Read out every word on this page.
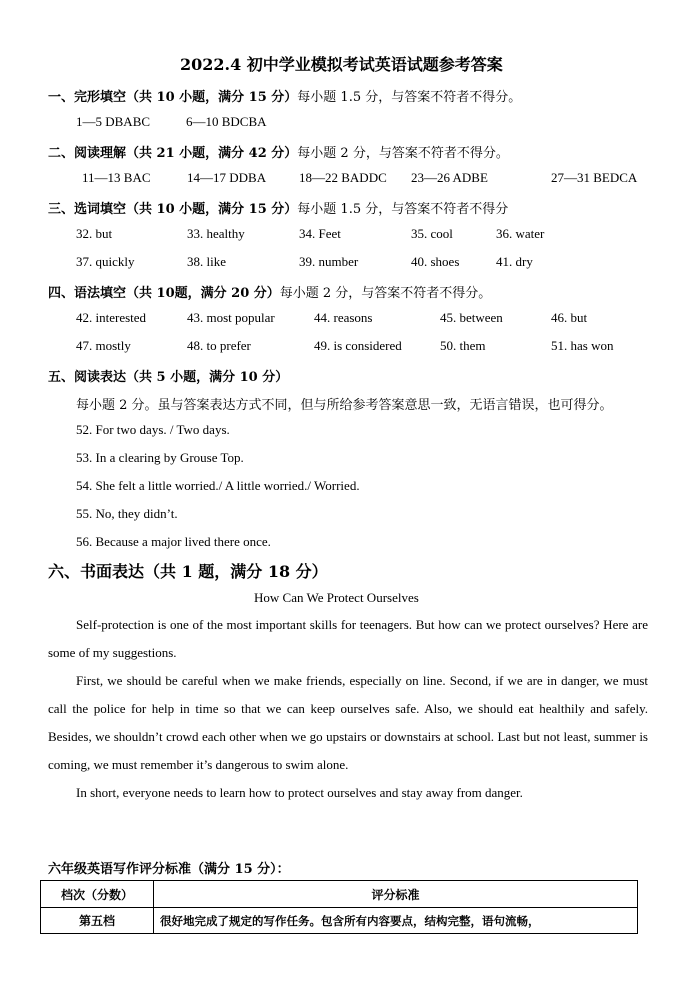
2022.4 初中学业模拟考试英语试题参考答案
一、完形填空（共 10 小题，满分 15 分）每小题 1.5 分，与答案不符者不得分。
1—5 DBABC	6—10 BDCBA
二、阅读理解（共 21 小题，满分 42 分）每小题 2 分，与答案不符者不得分。
11—13 BAC	14—17 DDBA	18—22 BADDC 23—26 ADBE	27—31 BEDCA
三、选词填空（共 10 小题，满分 15 分）每小题 1.5 分，与答案不符者不得分
32. but	33. healthy	34. Feet	35. cool	36. water
37. quickly	38. like	39. number	40. shoes	41. dry
四、语法填空（共 10题，满分 20 分）每小题 2 分，与答案不符者不得分。
42. interested	43. most popular	44. reasons	45. between	46. but
47. mostly	48. to prefer	49. is considered	50. them	51. has won
五、阅读表达（共 5 小题，满分 10 分）
每小题 2 分。虽与答案表达方式不同，但与所给参考答案意思一致，无语言错误，也可得分。
52. For two days. / Two days.
53. In a clearing by Grouse Top.
54. She felt a little worried./ A little worried./ Worried.
55. No, they didn’t.
56. Because a major lived there once.
六、书面表达（共 1 题，满分 18 分）
How Can We Protect Ourselves
Self-protection is one of the most important skills for teenagers. But how can we protect ourselves? Here are some of my suggestions.
First, we should be careful when we make friends, especially on line. Second, if we are in danger, we must call the police for help in time so that we can keep ourselves safe. Also, we should eat healthily and safely. Besides, we shouldn’t crowd each other when we go upstairs or downstairs at school. Last but not least, summer is coming, we must remember it’s dangerous to swim alone.
In short, everyone needs to learn how to protect ourselves and stay away from danger.
六年级英语写作评分标准（满分 15 分）：
档次（分数）	评分标准
第五档	很好地完成了规定的写作任务。包含所有内容要点，结构完整，语句流畅，
